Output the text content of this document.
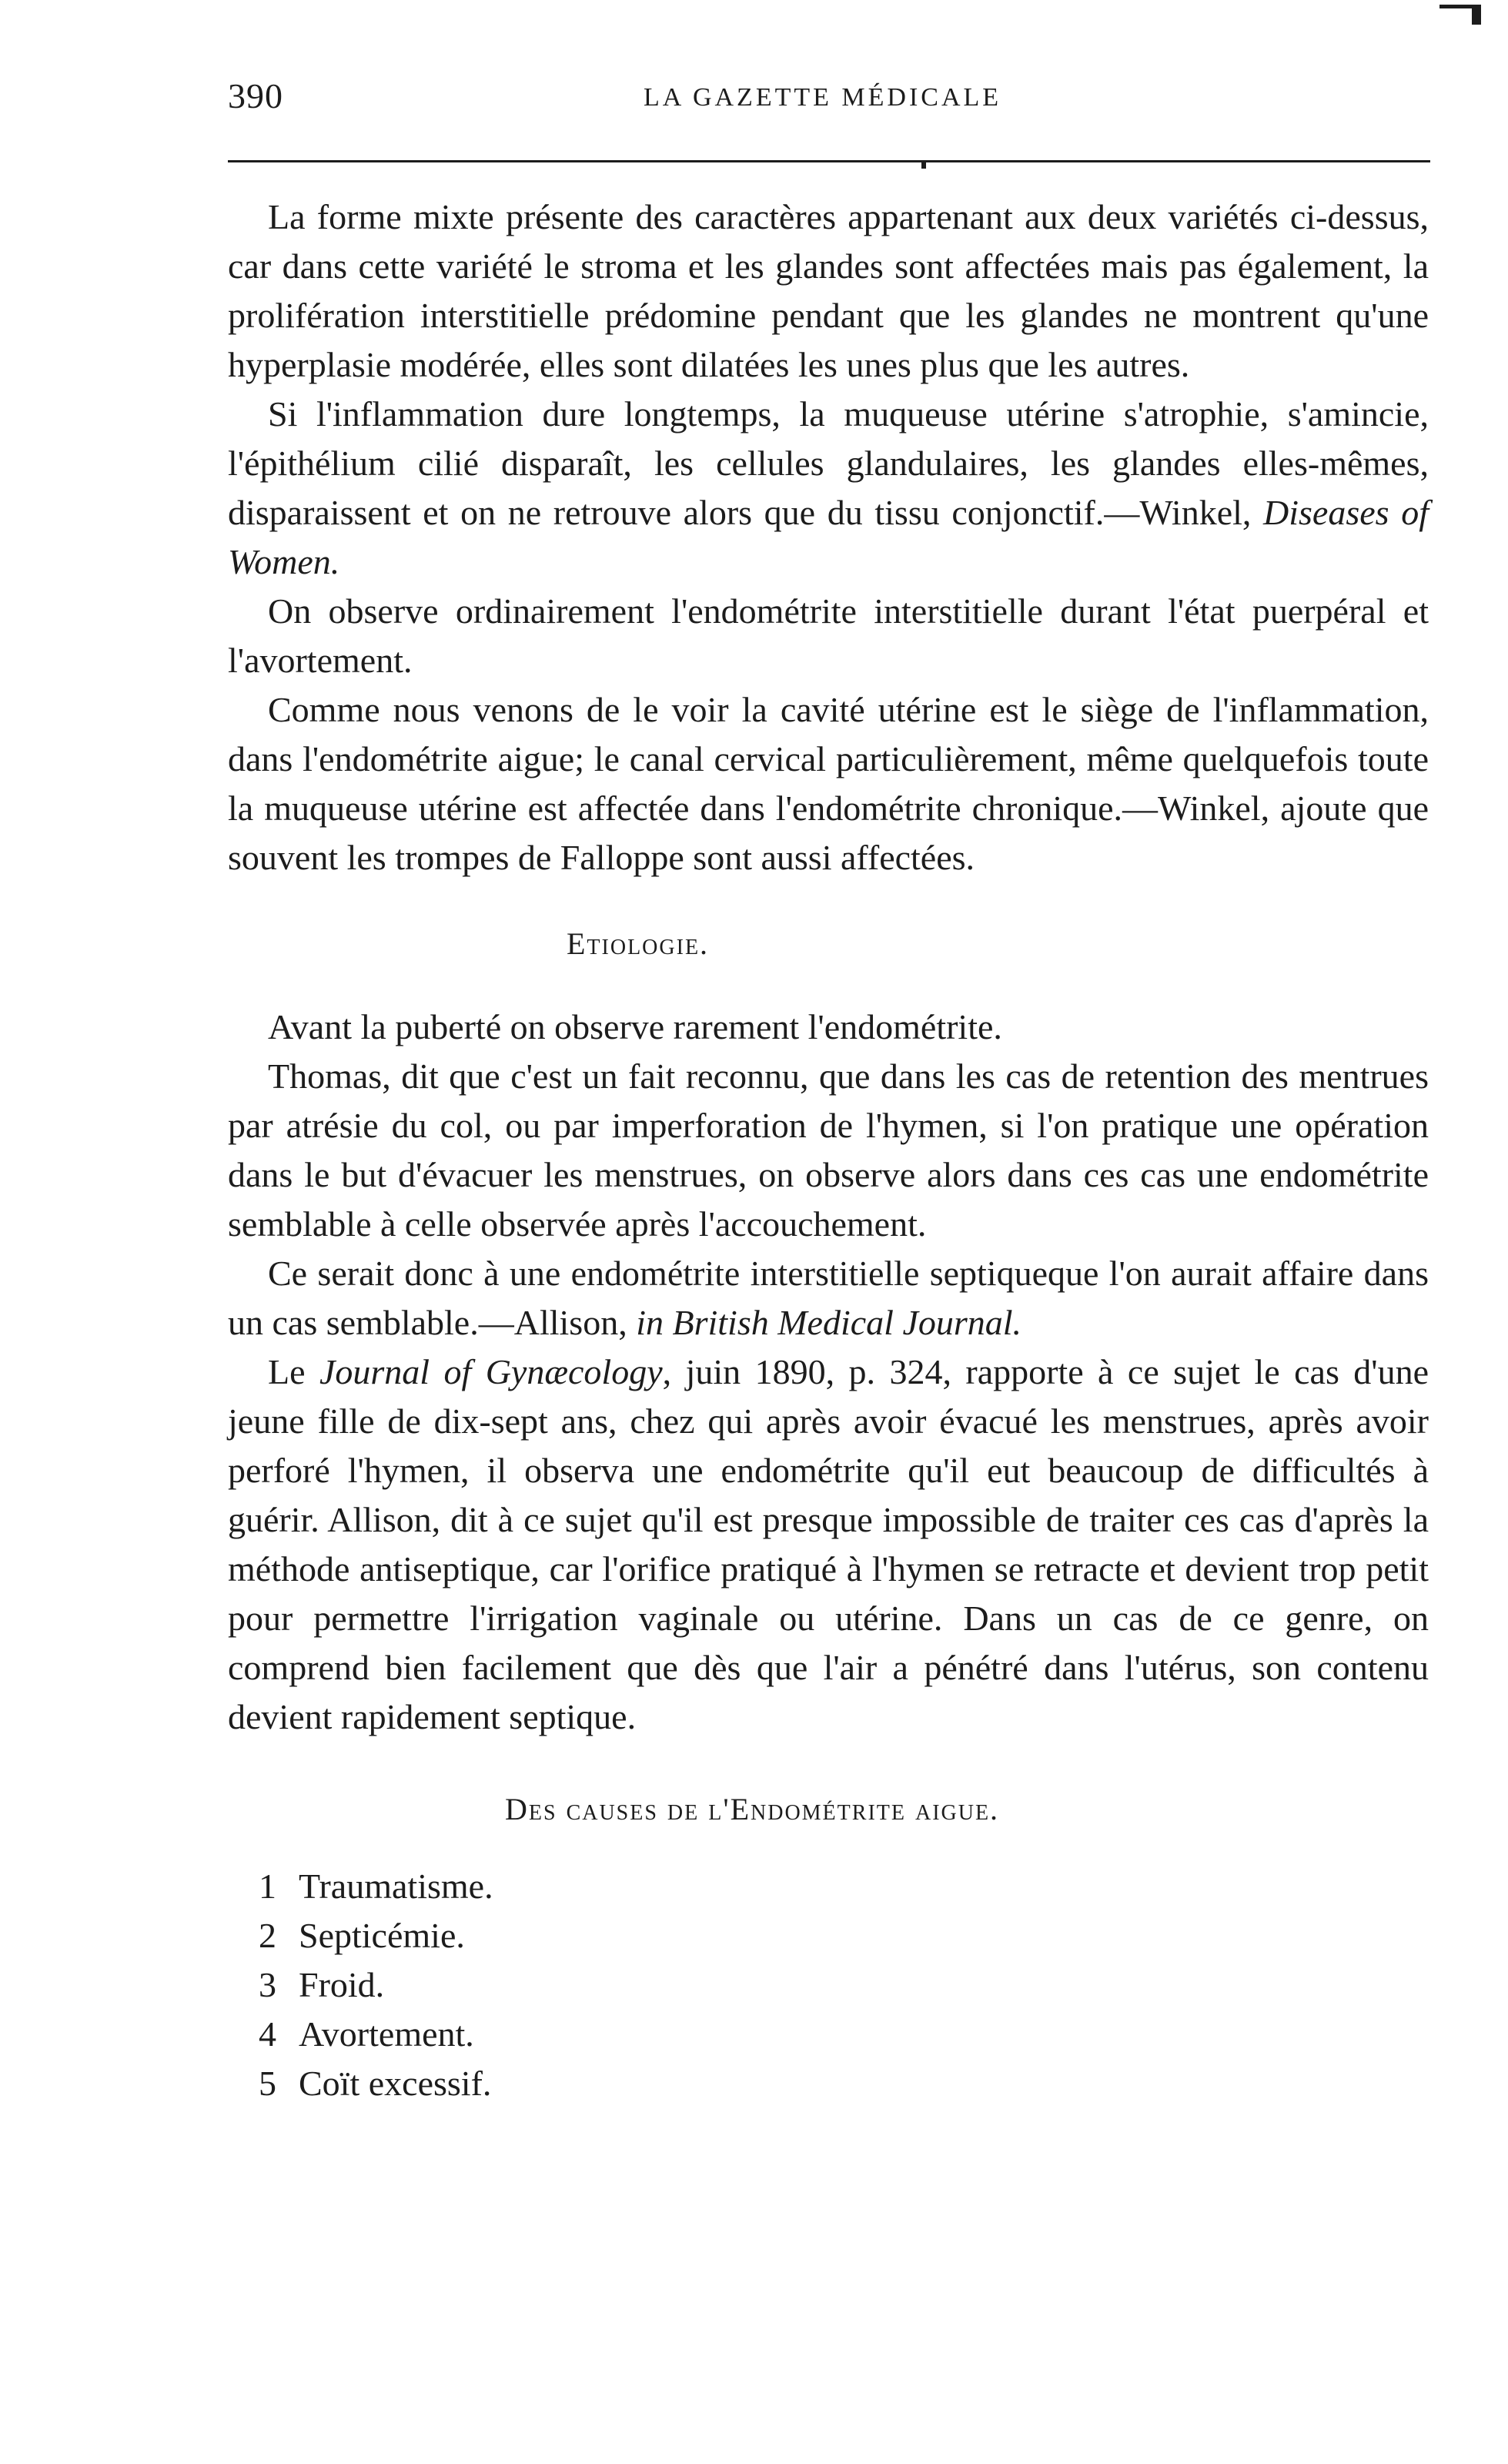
390	LA GAZETTE MÉDICALE

La forme mixte présente des caractères appartenant aux deux variétés ci-dessus, car dans cette variété le stroma et les glandes sont affectées mais pas également, la prolifération interstitielle prédomine pendant que les glandes ne montrent qu'une hyperplasie modérée, elles sont dilatées les unes plus que les autres.

Si l'inflammation dure longtemps, la muqueuse utérine s'atrophie, s'amincie, l'épithélium cilié disparaît, les cellules glandulaires, les glandes elles-mêmes, disparaissent et on ne retrouve alors que du tissu conjonctif.—Winkel, Diseases of Women.

On observe ordinairement l'endométrite interstitielle durant l'état puerpéral et l'avortement.

Comme nous venons de le voir la cavité utérine est le siège de l'inflammation, dans l'endométrite aigue; le canal cervical particulièrement, même quelquefois toute la muqueuse utérine est affectée dans l'endométrite chronique.—Winkel, ajoute que souvent les trompes de Falloppe sont aussi affectées.

Etiologie.

Avant la puberté on observe rarement l'endométrite.

Thomas, dit que c'est un fait reconnu, que dans les cas de retention des mentrues par atrésie du col, ou par imperforation de l'hymen, si l'on pratique une opération dans le but d'évacuer les menstrues, on observe alors dans ces cas une endométrite semblable à celle observée après l'accouchement.

Ce serait donc à une endométrite interstitielle septiqueque l'on aurait affaire dans un cas semblable.—Allison, in British Medical Journal.

Le Journal of Gynæcology, juin 1890, p. 324, rapporte à ce sujet le cas d'une jeune fille de dix-sept ans, chez qui après avoir évacué les menstrues, après avoir perforé l'hymen, il observa une endométrite qu'il eut beaucoup de difficultés à guérir. Allison, dit à ce sujet qu'il est presque impossible de traiter ces cas d'après la méthode antiseptique, car l'orifice pratiqué à l'hymen se retracte et devient trop petit pour permettre l'irrigation vaginale ou utérine. Dans un cas de ce genre, on comprend bien facilement que dès que l'air a pénétré dans l'utérus, son contenu devient rapidement septique.

Des causes de l'Endométrite aigue.
1 Traumatisme.
2 Septicémie.
3 Froid.
4 Avortement.
5 Coït excessif.
